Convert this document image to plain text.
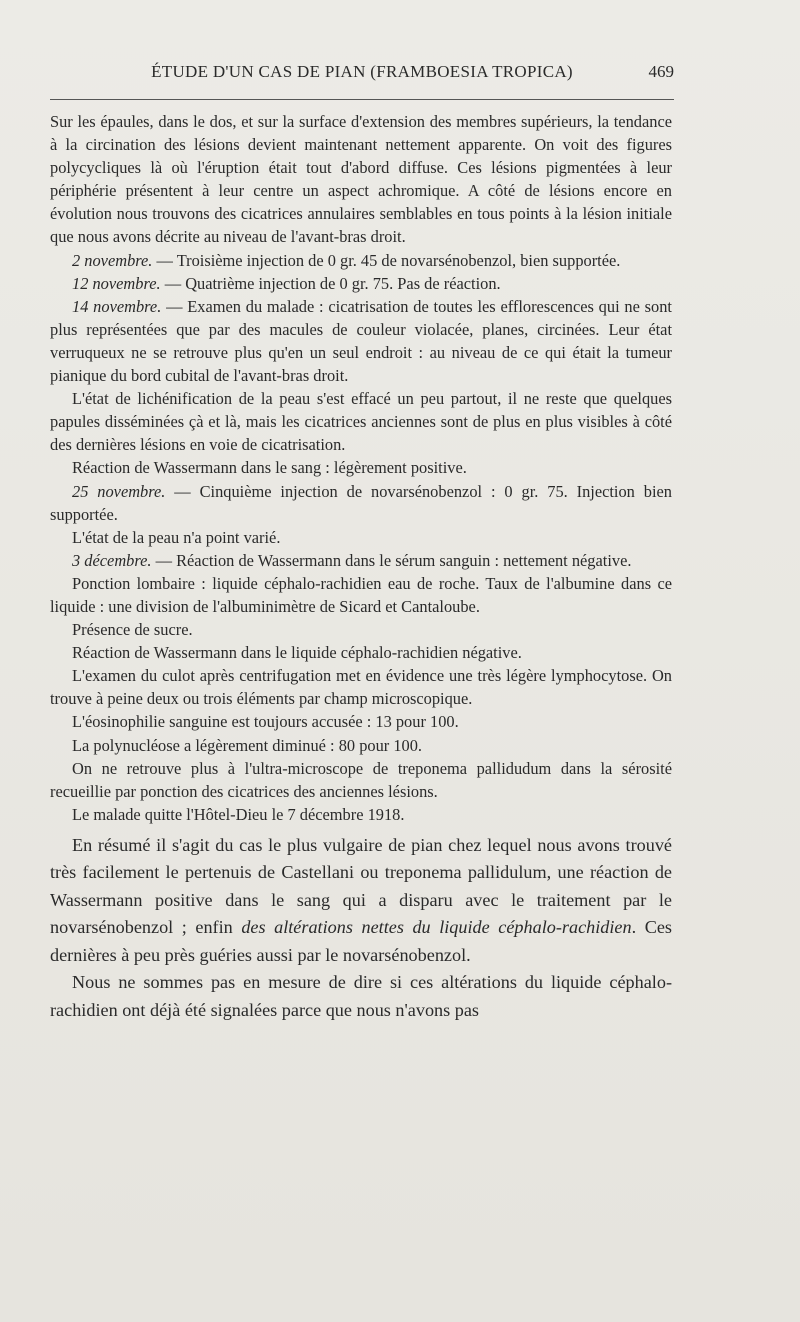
ÉTUDE D'UN CAS DE PIAN (FRAMBOESIA TROPICA)	469

Sur les épaules, dans le dos, et sur la surface d'extension des membres supérieurs, la tendance à la circination des lésions devient maintenant nettement apparente. On voit des figures polycycliques là où l'éruption était tout d'abord diffuse. Ces lésions pigmentées à leur périphérie présentent à leur centre un aspect achromique. A côté de lésions encore en évolution nous trouvons des cicatrices annulaires semblables en tous points à la lésion initiale que nous avons décrite au niveau de l'avant-bras droit.

2 novembre. — Troisième injection de 0 gr. 45 de novarsénobenzol, bien supportée.

12 novembre. — Quatrième injection de 0 gr. 75. Pas de réaction.

14 novembre. — Examen du malade : cicatrisation de toutes les efflorescences qui ne sont plus représentées que par des macules de couleur violacée, planes, circinées. Leur état verruqueux ne se retrouve plus qu'en un seul endroit : au niveau de ce qui était la tumeur pianique du bord cubital de l'avant-bras droit.

L'état de lichénification de la peau s'est effacé un peu partout, il ne reste que quelques papules disséminées çà et là, mais les cicatrices anciennes sont de plus en plus visibles à côté des dernières lésions en voie de cicatrisation.

Réaction de Wassermann dans le sang : légèrement positive.

25 novembre. — Cinquième injection de novarsénobenzol : 0 gr. 75. Injection bien supportée.

L'état de la peau n'a point varié.

3 décembre. — Réaction de Wassermann dans le sérum sanguin : nettement négative.

Ponction lombaire : liquide céphalo-rachidien eau de roche. Taux de l'albumine dans ce liquide : une division de l'albuminimètre de Sicard et Cantaloube.

Présence de sucre.

Réaction de Wassermann dans le liquide céphalo-rachidien négative.

L'examen du culot après centrifugation met en évidence une très légère lymphocytose. On trouve à peine deux ou trois éléments par champ microscopique.

L'éosinophilie sanguine est toujours accusée : 13 pour 100.

La polynucléose a légèrement diminué : 80 pour 100.

On ne retrouve plus à l'ultra-microscope de treponema pallidudum dans la sérosité recueillie par ponction des cicatrices des anciennes lésions.

Le malade quitte l'Hôtel-Dieu le 7 décembre 1918.

En résumé il s'agit du cas le plus vulgaire de pian chez lequel nous avons trouvé très facilement le pertenuis de Castellani ou treponema pallidulum, une réaction de Wassermann positive dans le sang qui a disparu avec le traitement par le novarsénobenzol ; enfin des altérations nettes du liquide céphalo-rachidien. Ces dernières à peu près guéries aussi par le novarsénobenzol.

Nous ne sommes pas en mesure de dire si ces altérations du liquide céphalo-rachidien ont déjà été signalées parce que nous n'avons pas
